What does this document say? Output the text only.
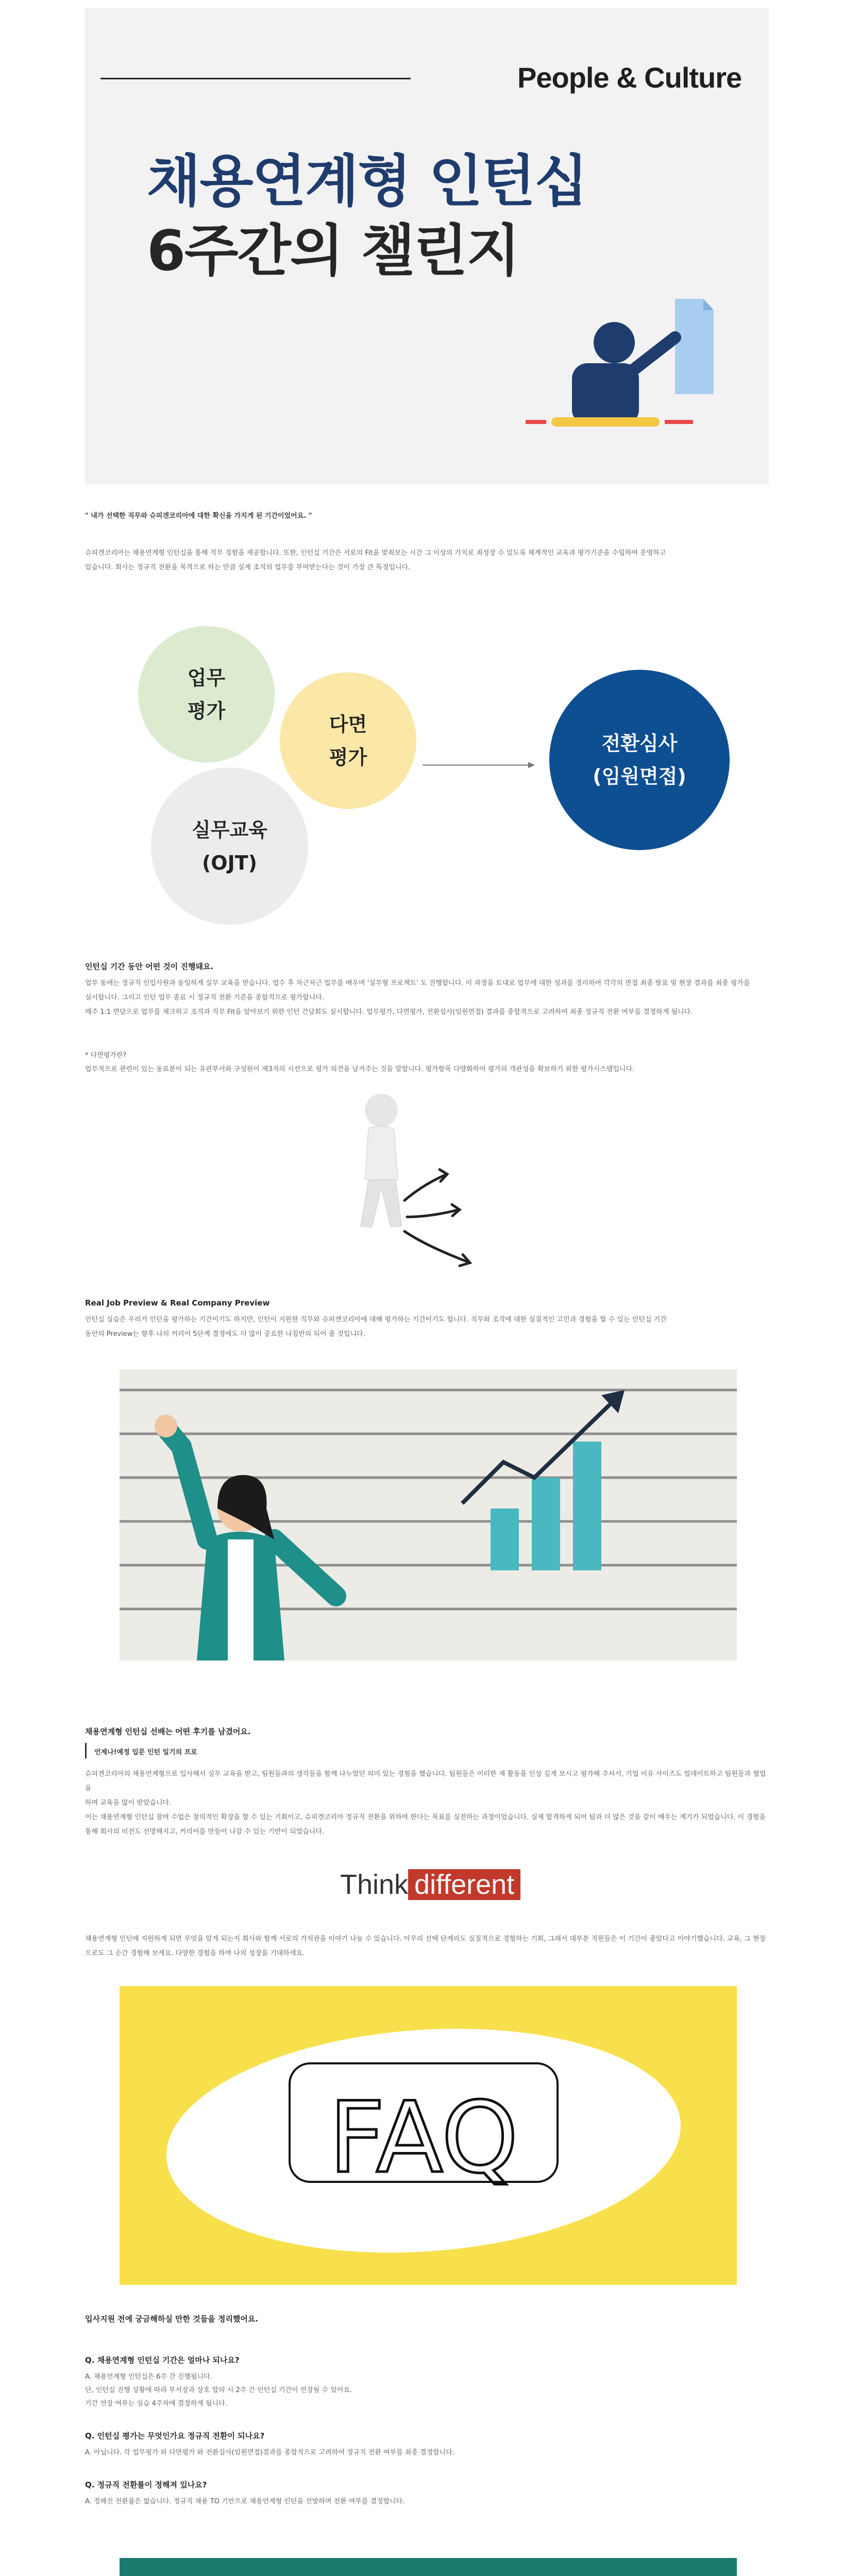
People & Culture
채용연계형 인턴십
6주간의 챌린지
" 내가 선택한 직무와 슈피겐코리아에 대한 확신을 가지게 된 기간이었어요. "
슈피겐코리아는 채용연계형 인턴십을 통해 직무 경험을 제공합니다. 또한, 인턴십 기간은 서로의 Fit을 맞춰보는 시간 그 이상의 가치로 최성장 수 있도록 체계적인 교육과 평가기준을 수립하여 운영하고
있습니다. 회사는 정규직 전환을 목적으로 하는 만큼 실제 조직의 업무를 부여받는다는 것이 가장 큰 특징입니다.
업무
평가
다면
평가
실무교육
(OJT)
전환심사
(임원면접)
인턴십 기간 동안 어떤 것이 진행돼요.
업무 동에는 정규직 인입사원과 동일하게 실무 교육을 받습니다. 업수 후 차근차근 업무를 배우며 '실무형 프로젝트' 도 진행합니다. 이 과정을 토대로 업무에 대한 성과를 정리하여 각각의 면접 최종 발표 및 현장 결과를 최종 평가를
실시합니다. 그리고 인턴 업무 종료 시 정규직 전환 기준을 종합적으로 평가합니다.
매주 1:1 면담으로 업무를 체크하고 조직과 직무 Fit을 알아보기 위한 인턴 간담회도 실시합니다. 업무평가, 다면평가, 전환심사(임원면접) 결과를 종합적으로 고려하여 최종 정규직 전환 여부를 결정하게 됩니다.
* 다면평가란?
업무적으로 관련이 있는 동료분이 되는 유관부서와 구성원이 제3자의 시선으로 평가 의견을 남겨주는 것을 말합니다. 평가항목 다양화하여 평가의 객관성을 확보하기 위한 평가시스템입니다.
Real Job Preview & Real Company Preview
인턴십 실습은 우리가 인턴을 평가하는 기간이기도 하지만, 인턴이 지원한 직무와 슈피겐코리아에 대해 평가하는 기간이기도 합니다. 직무와 조직에 대한 실질적인 고민과 경험을 할 수 있는 인턴십 기간
동안의 Preview는 향후 나의 커리어 5단계 결정에도 더 많이 중요한 나침반의 되어 줄 것입니다.
채용연계형 인턴십 선배는 어떤 후기를 남겼어요.
언제나!예정 입문 인턴 일기의 프로
슈피겐코리아의 채용연계형으로 입사해서 실무 교육을 받고, 팀원들과의 생각들을 함께 나누었던 의미 있는 경험을 했습니다. 팀원들은 이러한 제 활동을 인상 깊게 보시고 평가해 주셔서, 기업 이유 사이즈도 업데이트하고 팀원들과 협업을
하며 교육을 많이 받았습니다.
이는 채용연계형 인턴십 참여 수업은 창의적인 확장을 할 수 있는 기회이고, 슈피겐코리아 정규직 전환을 위하여 한다는 목표를 실천하는 과정이었습니다. 실제 합격하게 되어 팀과 더 많은 것을 같이 배우는 계기가 되었습니다. 이 경험을
통해 회사의 비전도 선명해지고, 커리어를 만들어 나갈 수 있는 기반이 되었습니다.
Think different
채용연계형 인턴에 지원하게 되면 무엇을 알게 되는지 회사와 함께 서로의 가치관을 이야기 나눌 수 있습니다. 아무리 선택 단계라도 실질적으로 경험하는 기회, 그래서 대부분 직원들은 이 기간이 좋았다고 이야기했습니다. 교육, 그 현장
으로도 그 순간 경험해 보세요. 다양한 경험을 하며 나의 성장을 기대하세요.
FAQ
입사지원 전에 궁금해하실 만한 것들을 정리했어요.
Q. 채용연계형 인턴십 기간은 얼마나 되나요?
A. 채용연계형 인턴십은 6주 간 진행됩니다.
단, 인턴십 진행 상황에 따라 부서장과 상호 합의 시 2주 간 인턴십 기간이 연장될 수 있어요.
기간 연장 여부는 실습 4주차에 결정하게 됩니다.
Q. 인턴십 평가는 무엇인가요 정규직 전환이 되나요?
A. 아닙니다. 각 업무평가 와 다면평가 와 전환심사(임원면접)결과를 종합적으로 고려하여 정규직 전환 여부를 최종 결정합니다.
Q. 정규직 전환률이 정해져 있나요?
A. 정해진 전환률은 없습니다. 정규직 채용 TO 기반으로 채용연계형 인턴을 선발하며 전환 여부를 결정합니다.
